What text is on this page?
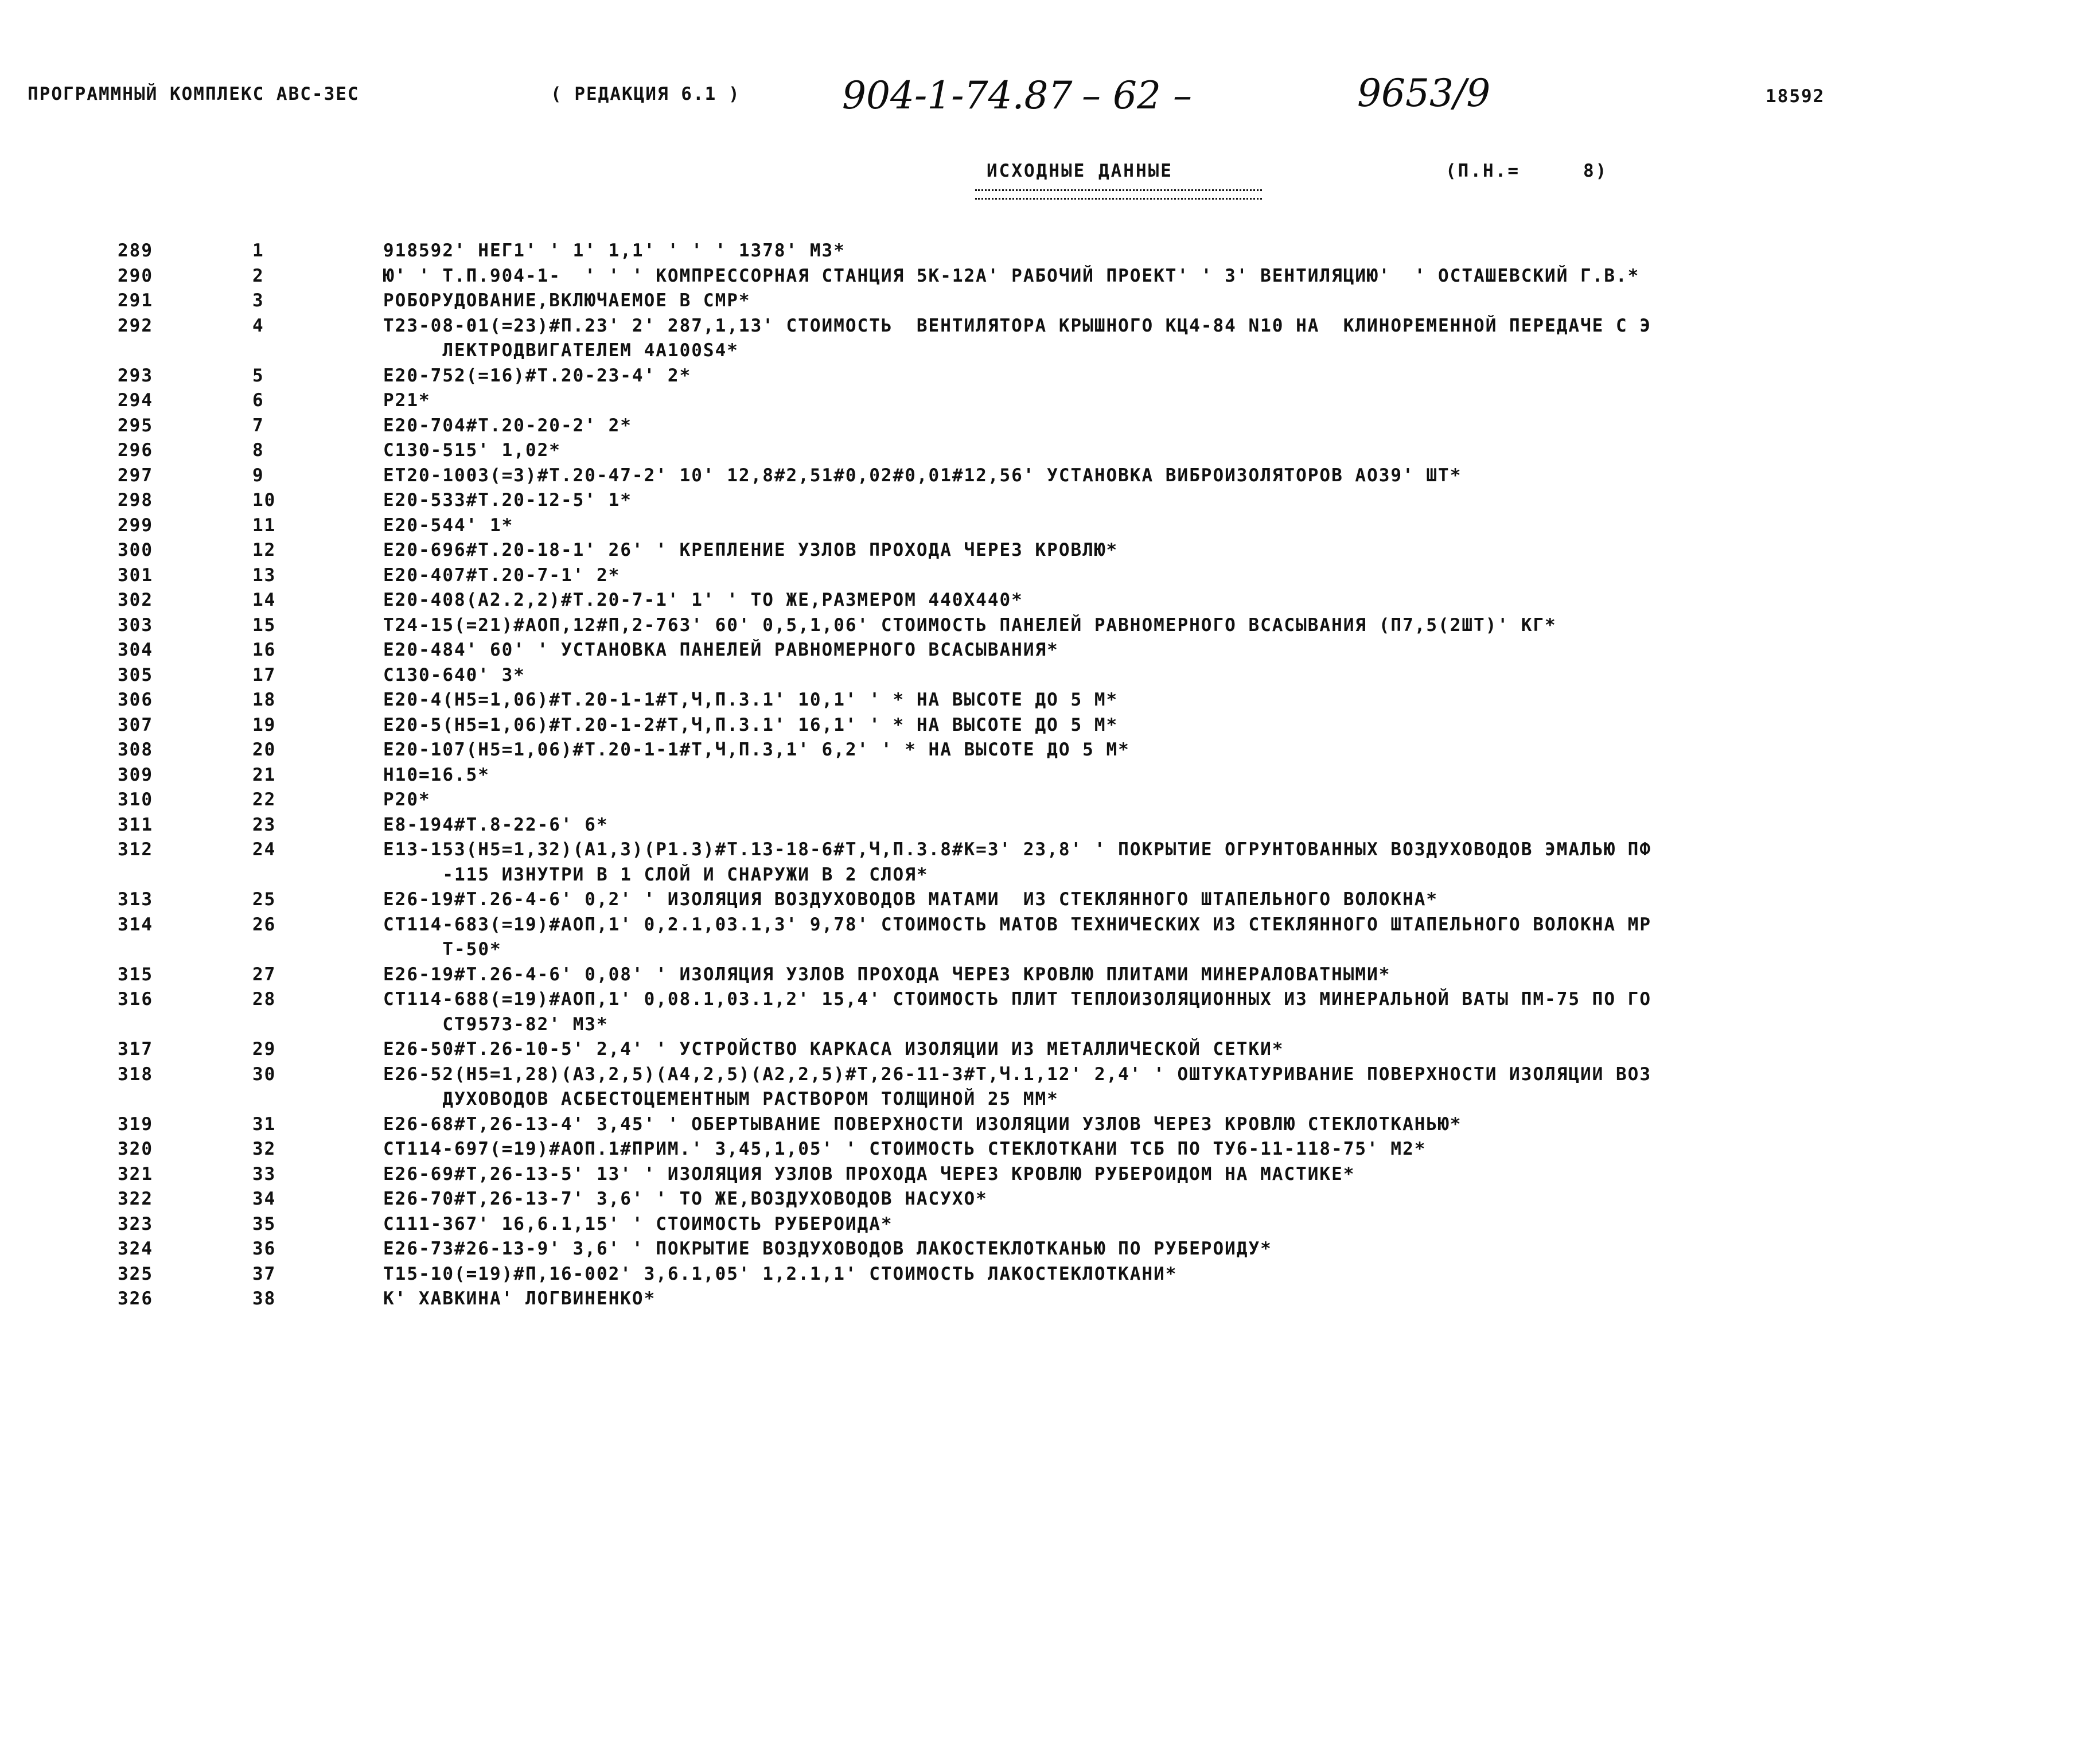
ПРОГРАММНЫЙ КОМПЛЕКС АВС-3ЕС	( РЕДАКЦИЯ 6.1 )	904-1-74.87 – 62 –	9653/9	18592
ИСХОДНЫЕ ДАННЫЕ	(П.Н.=	8)
289	1	918592' НЕГ1' ' 1' 1,1' ' ' ' 1378' М3*
290	2	Ю' ' Т.П.904-1-  ' ' ' КОМПРЕССОРНАЯ СТАНЦИЯ 5К-12А' РАБОЧИЙ ПРОЕКТ' ' 3' ВЕНТИЛЯЦИЮ'  ' ОСТАШЕВСКИЙ Г.В.*
291	3	РОБОРУДОВАНИЕ,ВКЛЮЧАЕМОЕ В СМР*
292	4	Т23-08-01(=23)#П.23' 2' 287,1,13' СТОИМОСТЬ  ВЕНТИЛЯТОРА КРЫШНОГО КЦ4-84 N10 НА  КЛИНОРЕМЕННОЙ ПЕРЕДАЧЕ С Э
ЛЕКТРОДВИГАТЕЛЕМ 4А100S4*
293	5	Е20-752(=16)#Т.20-23-4' 2*
294	6	Р21*
295	7	Е20-704#Т.20-20-2' 2*
296	8	С130-515' 1,02*
297	9	ЕТ20-1003(=3)#Т.20-47-2' 10' 12,8#2,51#0,02#0,01#12,56' УСТАНОВКА ВИБРОИЗОЛЯТОРОВ АО39' ШТ*
298	10	Е20-533#Т.20-12-5' 1*
299	11	Е20-544' 1*
300	12	Е20-696#Т.20-18-1' 26' ' КРЕПЛЕНИЕ УЗЛОВ ПРОХОДА ЧЕРЕЗ КРОВЛЮ*
301	13	Е20-407#Т.20-7-1' 2*
302	14	Е20-408(А2.2,2)#Т.20-7-1' 1' ' ТО ЖЕ,РАЗМЕРОМ 440Х440*
303	15	Т24-15(=21)#АОП,12#П,2-763' 60' 0,5,1,06' СТОИМОСТЬ ПАНЕЛЕЙ РАВНОМЕРНОГО ВСАСЫВАНИЯ (П7,5(2ШТ)' КГ*
304	16	Е20-484' 60' ' УСТАНОВКА ПАНЕЛЕЙ РАВНОМЕРНОГО ВСАСЫВАНИЯ*
305	17	С130-640' 3*
306	18	Е20-4(Н5=1,06)#Т.20-1-1#Т,Ч,П.3.1' 10,1' ' * НА ВЫСОТЕ ДО 5 М*
307	19	Е20-5(Н5=1,06)#Т.20-1-2#Т,Ч,П.3.1' 16,1' ' * НА ВЫСОТЕ ДО 5 М*
308	20	Е20-107(Н5=1,06)#Т.20-1-1#Т,Ч,П.3,1' 6,2' ' * НА ВЫСОТЕ ДО 5 М*
309	21	Н10=16.5*
310	22	Р20*
311	23	Е8-194#Т.8-22-6' 6*
312	24	Е13-153(Н5=1,32)(А1,3)(Р1.3)#Т.13-18-6#Т,Ч,П.3.8#К=3' 23,8' ' ПОКРЫТИЕ ОГРУНТОВАННЫХ ВОЗДУХОВОДОВ ЭМАЛЬЮ ПФ
-115 ИЗНУТРИ В 1 СЛОЙ И СНАРУЖИ В 2 СЛОЯ*
313	25	Е26-19#Т.26-4-6' 0,2' ' ИЗОЛЯЦИЯ ВОЗДУХОВОДОВ МАТАМИ  ИЗ СТЕКЛЯННОГО ШТАПЕЛЬНОГО ВОЛОКНА*
314	26	СТ114-683(=19)#АОП,1' 0,2.1,03.1,3' 9,78' СТОИМОСТЬ МАТОВ ТЕХНИЧЕСКИХ ИЗ СТЕКЛЯННОГО ШТАПЕЛЬНОГО ВОЛОКНА МР
Т-50*
315	27	Е26-19#Т.26-4-6' 0,08' ' ИЗОЛЯЦИЯ УЗЛОВ ПРОХОДА ЧЕРЕЗ КРОВЛЮ ПЛИТАМИ МИНЕРАЛОВАТНЫМИ*
316	28	СТ114-688(=19)#АОП,1' 0,08.1,03.1,2' 15,4' СТОИМОСТЬ ПЛИТ ТЕПЛОИЗОЛЯЦИОННЫХ ИЗ МИНЕРАЛЬНОЙ ВАТЫ ПМ-75 ПО ГО
СТ9573-82' М3*
317	29	Е26-50#Т.26-10-5' 2,4' ' УСТРОЙСТВО КАРКАСА ИЗОЛЯЦИИ ИЗ МЕТАЛЛИЧЕСКОЙ СЕТКИ*
318	30	Е26-52(Н5=1,28)(А3,2,5)(А4,2,5)(А2,2,5)#Т,26-11-3#Т,Ч.1,12' 2,4' ' ОШТУКАТУРИВАНИЕ ПОВЕРХНОСТИ ИЗОЛЯЦИИ ВОЗ
ДУХОВОДОВ АСБЕСТОЦЕМЕНТНЫМ РАСТВОРОМ ТОЛЩИНОЙ 25 ММ*
319	31	Е26-68#Т,26-13-4' 3,45' ' ОБЕРТЫВАНИЕ ПОВЕРХНОСТИ ИЗОЛЯЦИИ УЗЛОВ ЧЕРЕЗ КРОВЛЮ СТЕКЛОТКАНЬЮ*
320	32	СТ114-697(=19)#АОП.1#ПРИМ.' 3,45,1,05' ' СТОИМОСТЬ СТЕКЛОТКАНИ ТСБ ПО ТУ6-11-118-75' М2*
321	33	Е26-69#Т,26-13-5' 13' ' ИЗОЛЯЦИЯ УЗЛОВ ПРОХОДА ЧЕРЕЗ КРОВЛЮ РУБЕРОИДОМ НА МАСТИКЕ*
322	34	Е26-70#Т,26-13-7' 3,6' ' ТО ЖЕ,ВОЗДУХОВОДОВ НАСУХО*
323	35	С111-367' 16,6.1,15' ' СТОИМОСТЬ РУБЕРОИДА*
324	36	Е26-73#26-13-9' 3,6' ' ПОКРЫТИЕ ВОЗДУХОВОДОВ ЛАКОСТЕКЛОТКАНЬЮ ПО РУБЕРОИДУ*
325	37	Т15-10(=19)#П,16-002' 3,6.1,05' 1,2.1,1' СТОИМОСТЬ ЛАКОСТЕКЛОТКАНИ*
326	38	К' ХАВКИНА' ЛОГВИНЕНКО*
